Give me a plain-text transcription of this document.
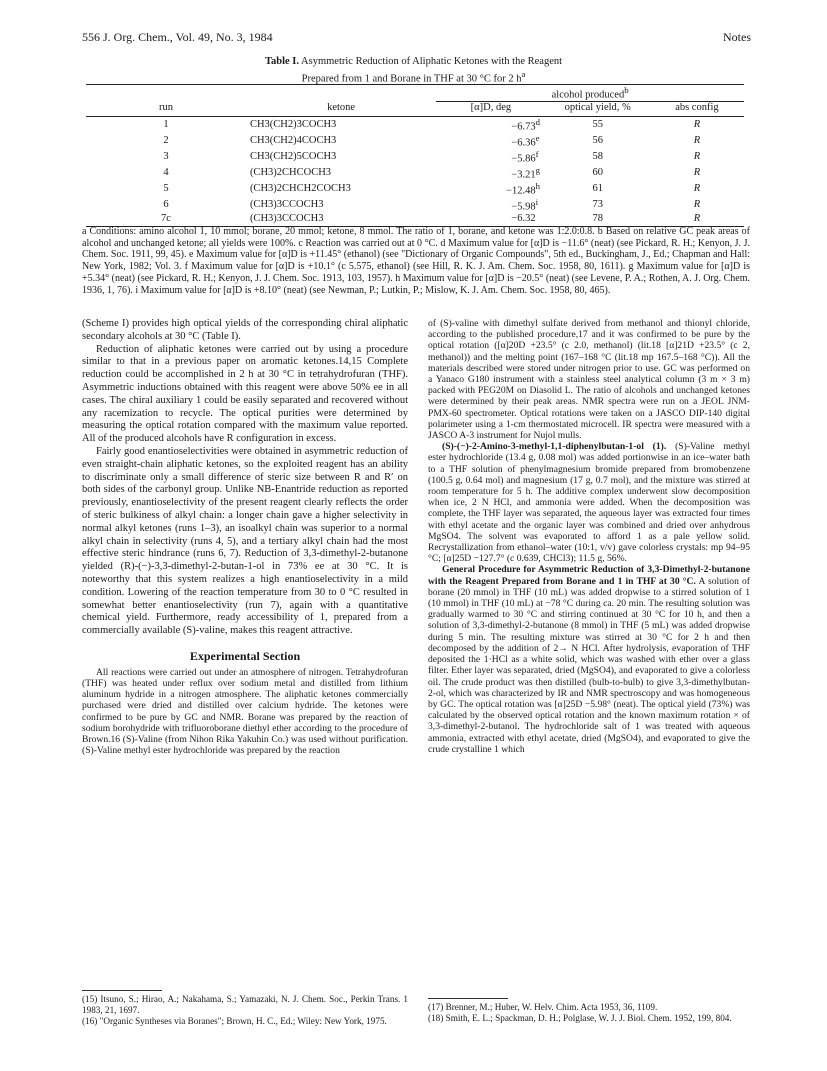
556 J. Org. Chem., Vol. 49, No. 3, 1984	Notes
Table I. Asymmetric Reduction of Aliphatic Ketones with the Reagent
Prepared from 1 and Borane in THF at 30 °C for 2 $h^a$
		alcohol produced$^b$
run	ketone	[α]D, deg	optical yield, %	abs config
1	CH3(CH2)3COCH3	−6.73$^d$	55	R
2	CH3(CH2)4COCH3	−6.36$^e$	56	R
3	CH3(CH2)5COCH3	−5.86$^f$	58	R
4	(CH3)2CHCOCH3	−3.21$^g$	60	R
5	(CH3)2CHCH2COCH3	−12.48$^h$	61	R
6	(CH3)3CCOCH3	$-5.98^i$	73	R
7c	(CH3)3CCOCH3	−6.32	78	R
a Conditions: amino alcohol 1, 10 mmol; borane, 20 mmol; ketone, 8 mmol. The ratio of 1, borane, and ketone was 1:2.0:0.8. b Based on relative GC peak areas of alcohol and unchanged ketone; all yields were 100%. c Reaction was carried out at 0 °C. d Maximum value for [α]D is −11.6° (neat) (see Pickard, R. H.; Kenyon, J. J. Chem. Soc. 1911, 99, 45). e Maximum value for [α]D is +11.45° (ethanol) (see "Dictionary of Organic Compounds", 5th ed., Buckingham, J., Ed.; Chapman and Hall: New York, 1982; Vol. 3. f Maximum value for [α]D is +10.1° (c 5.575, ethanol) (see Hill, R. K. J. Am. Chem. Soc. 1958, 80, 1611). g Maximum value for [α]D is +5.34° (neat) (see Pickard, R. H.; Kenyon, J. J. Chem. Soc. 1913, 103, 1957). h Maximum value for [α]D is −20.5° (neat) (see Levene, P. A.; Rothen, A. J. Org. Chem. 1936, 1, 76). i Maximum value for [α]D is +8.10° (neat) (see Newman, P.; Lutkin, P.; Mislow, K. J. Am. Chem. Soc. 1958, 80, 465).

(Scheme I) provides high optical yields of the corresponding chiral aliphatic secondary alcohols at 30 °C (Table I).

Reduction of aliphatic ketones were carried out by using a procedure similar to that in a previous paper on aromatic ketones.14,15 Complete reduction could be accomplished in 2 h at 30 °C in tetrahydrofuran (THF). Asymmetric inductions obtained with this reagent were above 50% ee in all cases. The chiral auxiliary 1 could be easily separated and recovered without any racemization to recycle. The optical purities were determined by measuring the optical rotation compared with the maximum value reported. All of the produced alcohols have R configuration in excess.

Fairly good enantioselectivities were obtained in asymmetric reduction of even straight-chain aliphatic ketones, so the exploited reagent has an ability to discriminate only a small difference of steric size between R and R′ on both sides of the carbonyl group. Unlike NB-Enantride reduction as reported previously, enantioselectivity of the present reagent clearly reflects the order of steric bulkiness of alkyl chain: a longer chain gave a higher selectivity in normal alkyl ketones (runs 1–3), an isoalkyl chain was superior to a normal alkyl chain in selectivity (runs 4, 5), and a tertiary alkyl chain had the most effective steric hindrance (runs 6, 7). Reduction of 3,3-dimethyl-2-butanone yielded (R)-(−)-3,3-dimethyl-2-butan-1-ol in 73% ee at 30 °C. It is noteworthy that this system realizes a high enantioselectivity in a mild condition. Lowering of the reaction temperature from 30 to 0 °C resulted in somewhat better enantioselectivity (run 7), again with a quantitative chemical yield. Furthermore, ready accessibility of 1, prepared from a commercially available (S)-valine, makes this reagent attractive.

Experimental Section

All reactions were carried out under an atmosphere of nitrogen. Tetrahydrofuran (THF) was heated under reflux over sodium metal and distilled from lithium aluminum hydride in a nitrogen atmosphere. The aliphatic ketones commercially purchased were dried and distilled over calcium hydride. The ketones were confirmed to be pure by GC and NMR. Borane was prepared by the reaction of sodium borohydride with trifluoroborane diethyl ether according to the procedure of Brown.16 (S)-Valine (from Nihon Rika Yakuhin Co.) was used without purification. (S)-Valine methyl ester hydrochloride was prepared by the reaction

(15) Itsuno, S.; Hirao, A.; Nakahama, S.; Yamazaki, N. J. Chem. Soc., Perkin Trans. 1 1983, 21, 1697.
(16) "Organic Syntheses via Boranes"; Brown, H. C., Ed.; Wiley: New York, 1975.

of (S)-valine with dimethyl sulfate derived from methanol and thionyl chloride, according to the published procedure,17 and it was confirmed to be pure by the optical rotation ([α]20D +23.5° (c 2.0, methanol) (lit.18 [α]21D +23.5° (c 2, methanol)) and the melting point (167–168 °C (lit.18 mp 167.5–168 °C)). All the materials described were stored under nitrogen prior to use. GC was performed on a Yanaco G180 instrument with a stainless steel analytical column (3 m × 3 m) packed with PEG20M on Diasolid L. The ratio of alcohols and unchanged ketones were determined by their peak areas. NMR spectra were run on a JEOL JNM-PMX-60 spectrometer. Optical rotations were taken on a JASCO DIP-140 digital polarimeter using a 1-cm thermostated microcell. IR spectra were measured with a JASCO A-3 instrument for Nujol mulls.

(S)-(−)-2-Amino-3-methyl-1,1-diphenylbutan-1-ol (1). (S)-Valine methyl ester hydrochloride (13.4 g, 0.08 mol) was added portionwise in an ice–water bath to a THF solution of phenylmagnesium bromide prepared from bromobenzene (100.5 g, 0.64 mol) and magnesium (17 g, 0.7 mol), and the mixture was stirred at room temperature for 5 h. The additive complex underwent slow decomposition when ice, 2 N HCl, and ammonia were added. When the decomposition was complete, the THF layer was separated, the aqueous layer was extracted four times with ethyl acetate and the organic layer was combined and dried over anhydrous MgSO4. The solvent was evaporated to afford 1 as a pale yellow solid. Recrystallization from ethanol–water (10:1, v/v) gave colorless crystals: mp 94–95 °C; [α]25D −127.7° (c 0.639, CHCl3); 11.5 g, 56%.

General Procedure for Asymmetric Reduction of 3,3-Dimethyl-2-butanone with the Reagent Prepared from Borane and 1 in THF at 30 °C. A solution of borane (20 mmol) in THF (10 mL) was added dropwise to a stirred solution of 1 (10 mmol) in THF (10 mL) at −78 °C during ca. 20 min. The resulting solution was gradually warmed to 30 °C and stirring continued at 30 °C for 10 h, and then a solution of 3,3-dimethyl-2-butanone (8 mmol) in THF (5 mL) was added dropwise during 5 min. The resulting mixture was stirred at 30 °C for 2 h and then decomposed by the addition of 2→ N HCl. After hydrolysis, evaporation of THF deposited the 1·HCl as a white solid, which was washed with ether over a glass filter. Ether layer was separated, dried (MgSO4), and evaporated to give a colorless oil. The crude product was then distilled (bulb-to-bulb) to give 3,3-dimethylbutan-2-ol, which was characterized by IR and NMR spectroscopy and was homogeneous by GC. The optical rotation was [α]25D −5.98° (neat). The optical yield (73%) was calculated by the observed optical rotation and the known maximum rotation × of 3,3-dimethyl-2-butanol. The hydrochloride salt of 1 was treated with aqueous ammonia, extracted with ethyl acetate, dried (MgSO4), and evaporated to give the crude crystalline 1 which

(17) Brenner, M.; Huber, W. Helv. Chim. Acta 1953, 36, 1109.
(18) Smith, E. L.; Spackman, D. H.; Polglase, W. J. J. Biol. Chem. 1952, 199, 804.
